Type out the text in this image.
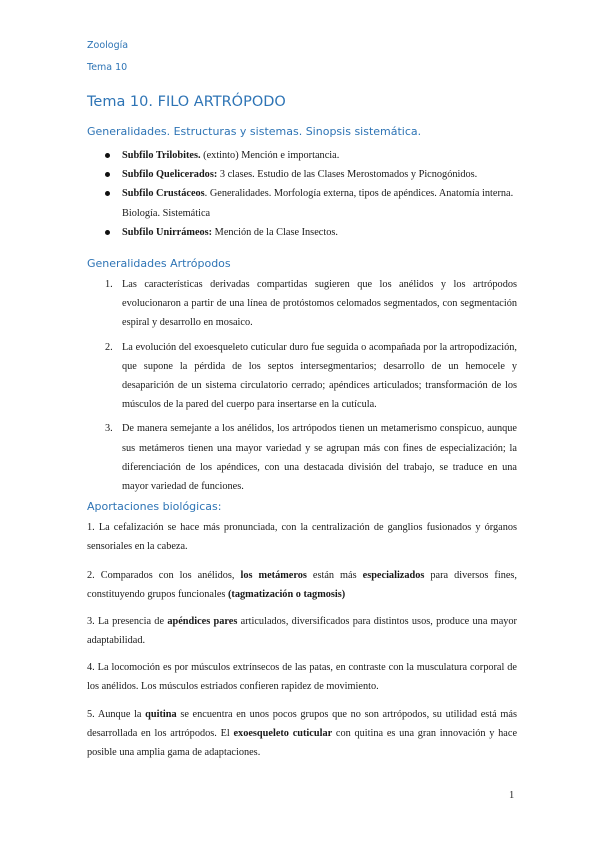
Zoología
Tema 10
Tema 10. FILO ARTRÓPODO
Generalidades. Estructuras y sistemas. Sinopsis sistemática.
Subfilo Trilobites. (extinto) Mención e importancia.
Subfilo Quelicerados: 3 clases. Estudio de las Clases Merostomados y Picnogónidos.
Subfilo Crustáceos. Generalidades. Morfología externa, tipos de apéndices. Anatomía interna. Biología. Sistemática
Subfilo Unirrámeos: Mención de la Clase Insectos.
Generalidades Artrópodos
1. Las características derivadas compartidas sugieren que los anélidos y los artrópodos evolucionaron a partir de una línea de protóstomos celomados segmentados, con segmentación espiral y desarrollo en mosaico.
2. La evolución del exoesqueleto cuticular duro fue seguida o acompañada por la artropodización, que supone la pérdida de los septos intersegmentarios; desarrollo de un hemocele y desaparición de un sistema circulatorio cerrado; apéndices articulados; transformación de los músculos de la pared del cuerpo para insertarse en la cutícula.
3. De manera semejante a los anélidos, los artrópodos tienen un metamerismo conspicuo, aunque sus metámeros tienen una mayor variedad y se agrupan más con fines de especialización; la diferenciación de los apéndices, con una destacada división del trabajo, se traduce en una mayor variedad de funciones.
Aportaciones biológicas:

1. La cefalización se hace más pronunciada, con la centralización de ganglios fusionados y órganos sensoriales en la cabeza.

2. Comparados con los anélidos, los metámeros están más especializados para diversos fines, constituyendo grupos funcionales (tagmatización o tagmosis)

3. La presencia de apéndices pares articulados, diversificados para distintos usos, produce una mayor adaptabilidad.

4. La locomoción es por músculos extrínsecos de las patas, en contraste con la musculatura corporal de los anélidos. Los músculos estriados confieren rapidez de movimiento.

5. Aunque la quitina se encuentra en unos pocos grupos que no son artrópodos, su utilidad está más desarrollada en los artrópodos. El exoesqueleto cuticular con quitina es una gran innovación y hace posible una amplia gama de adaptaciones.

1
